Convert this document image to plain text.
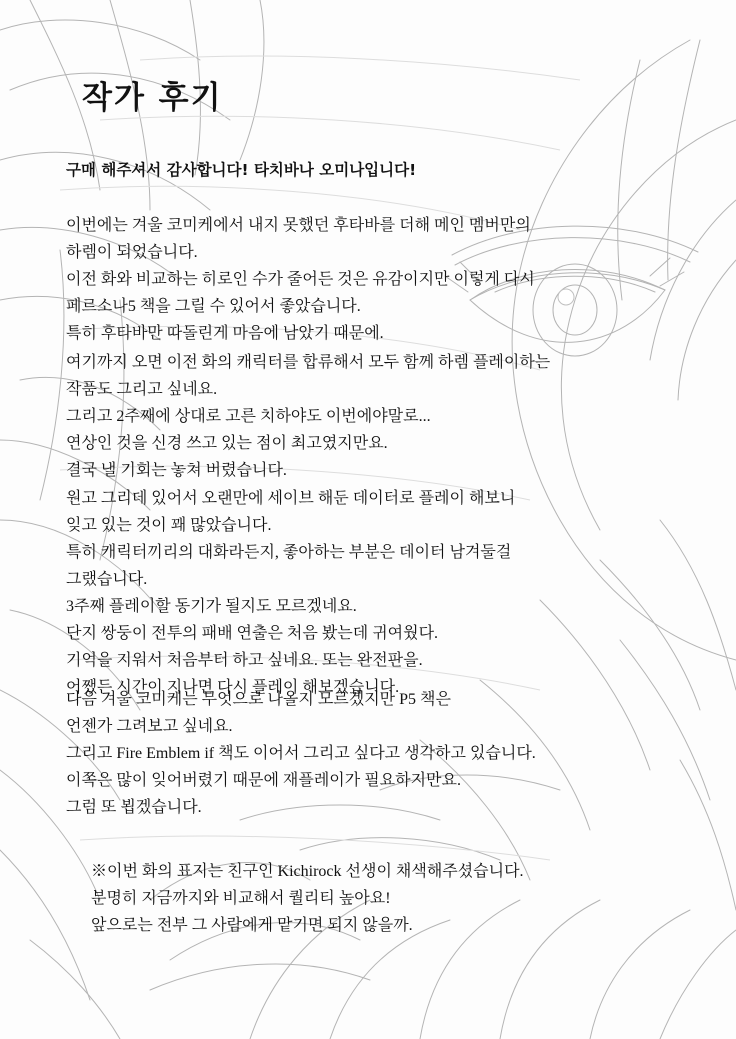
작가 후기
구매 해주셔서 감사합니다! 타치바나 오미나입니다!
이번에는 겨울 코미케에서 내지 못했던 후타바를 더해 메인 멤버만의
하렘이 되었습니다.
이전 화와 비교하는 히로인 수가 줄어든 것은 유감이지만 이렇게 다시
페르소나5 책을 그릴 수 있어서 좋았습니다.
특히 후타바만 따돌린게 마음에 남았기 때문에.
여기까지 오면 이전 화의 캐릭터를 합류해서 모두 함께 하렘 플레이하는
작품도 그리고 싶네요.
그리고 2주째에 상대로 고른 치하야도 이번에야말로...
연상인 것을 신경 쓰고 있는 점이 최고였지만요.
결국 낼 기회는 놓쳐 버렸습니다.
원고 그리데 있어서 오랜만에 세이브 해둔 데이터로 플레이 해보니
잊고 있는 것이 꽤 많았습니다.
특히 캐릭터끼리의 대화라든지, 좋아하는 부분은 데이터 남겨둘걸
그랬습니다.
3주째 플레이할 동기가 될지도 모르겠네요.
단지 쌍둥이 전투의 패배 연출은 처음 봤는데 귀여웠다.
기억을 지워서 처음부터 하고 싶네요. 또는 완전판을.
어쨌든 시간이 지나면 다시 플레이 해보겠습니다.
다음 겨울 코미케는 무엇으로 나올지 모르겠지만 P5 책은
언젠가 그려보고 싶네요.
그리고 Fire Emblem if 책도 이어서 그리고 싶다고 생각하고 있습니다.
이쪽은 많이 잊어버렸기 때문에 재플레이가 필요하지만요.
그럼 또 뵙겠습니다.
※이번 화의 표지는 친구인 Kichirock 선생이 채색해주셨습니다.
분명히 지금까지와 비교해서 퀄리티 높아요!
앞으로는 전부 그 사람에게 맡기면 되지 않을까.
